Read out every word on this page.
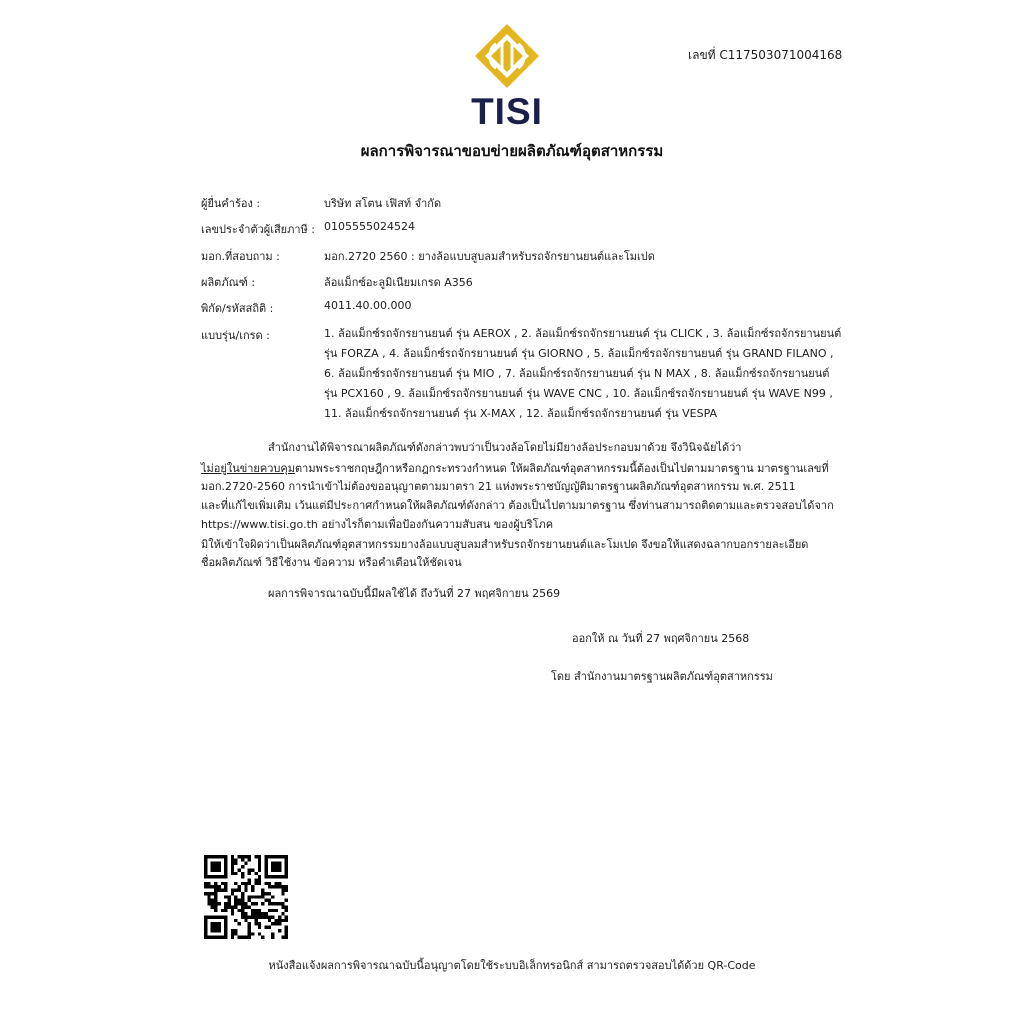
TISI
เลขที่ C117503071004168
ผลการพิจารณาขอบข่ายผลิตภัณฑ์อุตสาหกรรม
ผู้ยื่นคำร้อง :	บริษัท สโตน เฟิสท์ จำกัด
เลขประจำตัวผู้เสียภาษี : 0105555024524
มอก.ที่สอบถาม :	มอก.2720 2560 : ยางล้อแบบสูบลมสำหรับรถจักรยานยนต์และโมเปด
ผลิตภัณฑ์ :	ล้อแม็กซ์อะลูมิเนียมเกรด A356
พิกัด/รหัสสถิติ :	4011.40.00.000
แบบรุ่น/เกรด :	1. ล้อแม็กซ์รถจักรยานยนต์ รุ่น AEROX , 2. ล้อแม็กซ์รถจักรยานยนต์ รุ่น CLICK , 3. ล้อแม็กซ์รถจักรยานยนต์ รุ่น FORZA , 4. ล้อแม็กซ์รถจักรยานยนต์ รุ่น GIORNO , 5. ล้อแม็กซ์รถจักรยานยนต์ รุ่น GRAND FILANO , 6. ล้อแม็กซ์รถจักรยานยนต์ รุ่น MIO , 7. ล้อแม็กซ์รถจักรยานยนต์ รุ่น N MAX , 8. ล้อแม็กซ์รถจักรยานยนต์ รุ่น PCX160 , 9. ล้อแม็กซ์รถจักรยานยนต์ รุ่น WAVE CNC , 10. ล้อแม็กซ์รถจักรยานยนต์ รุ่น WAVE N99 , 11. ล้อแม็กซ์รถจักรยานยนต์ รุ่น X-MAX , 12. ล้อแม็กซ์รถจักรยานยนต์ รุ่น VESPA
สำนักงานได้พิจารณาผลิตภัณฑ์ดังกล่าวพบว่าเป็นวงล้อโดยไม่มียางล้อประกอบมาด้วย จึงวินิจฉัยได้ว่า
ไม่อยู่ในข่ายควบคุมตามพระราชกฤษฎีกาหรือกฎกระทรวงกำหนด ให้ผลิตภัณฑ์อุตสาหกรรมนี้ต้องเป็นไปตามมาตรฐาน มาตรฐานเลขที่
มอก.2720-2560 การนำเข้าไม่ต้องขออนุญาตตามมาตรา 21 แห่งพระราชบัญญัติมาตรฐานผลิตภัณฑ์อุตสาหกรรม พ.ศ. 2511
และที่แก้ไขเพิ่มเติม เว้นแต่มีประกาศกำหนดให้ผลิตภัณฑ์ดังกล่าว ต้องเป็นไปตามมาตรฐาน ซึ่งท่านสามารถติดตามและตรวจสอบได้จาก
https://www.tisi.go.th อย่างไรก็ตามเพื่อป้องกันความสับสน ของผู้บริโภค
มิให้เข้าใจผิดว่าเป็นผลิตภัณฑ์อุตสาหกรรมยางล้อแบบสูบลมสำหรับรถจักรยานยนต์และโมเปด จึงขอให้แสดงฉลากบอกรายละเอียด
ชื่อผลิตภัณฑ์ วิธีใช้งาน ข้อความ หรือคำเตือนให้ชัดเจน
ผลการพิจารณาฉบับนี้มีผลใช้ได้ ถึงวันที่ 27 พฤศจิกายน 2569
ออกให้ ณ วันที่ 27 พฤศจิกายน 2568
โดย สำนักงานมาตรฐานผลิตภัณฑ์อุตสาหกรรม
หนังสือแจ้งผลการพิจารณาฉบับนี้อนุญาตโดยใช้ระบบอิเล็กทรอนิกส์ สามารถตรวจสอบได้ด้วย QR-Code
